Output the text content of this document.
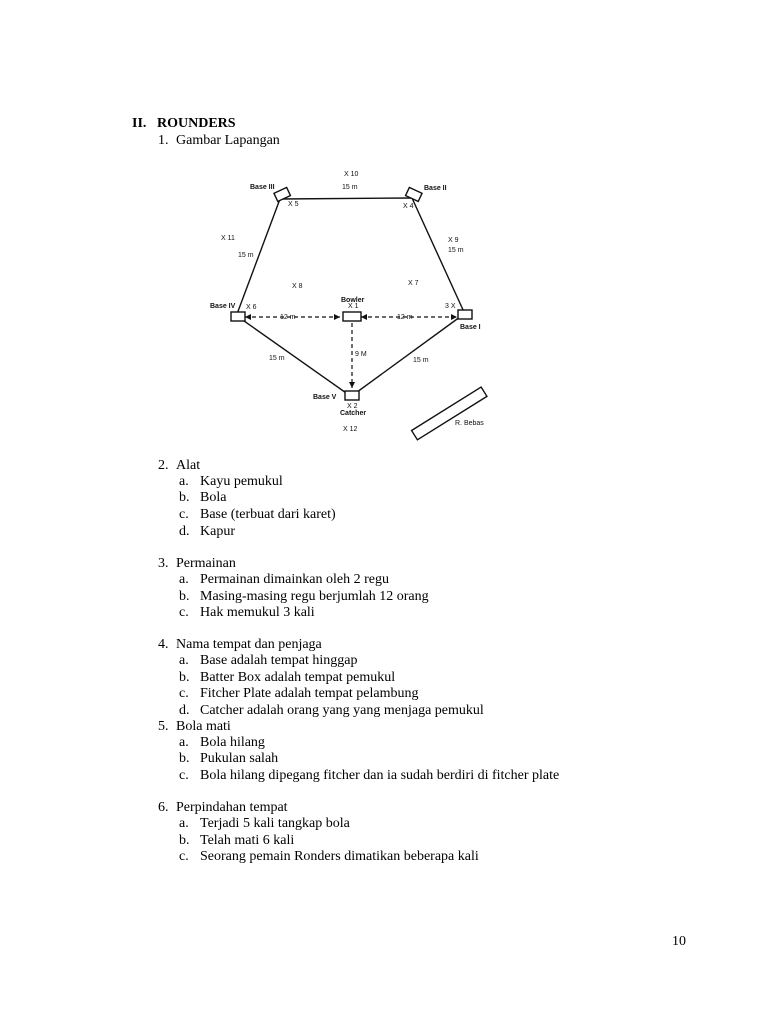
II. ROUNDERS
1. Gambar Lapangan
Base III	Base II
Base IV
Base I
Base V
Bowler
Catcher
R. Bebas
15 m
15 m
15 m
12 m	12 m
9 M
15 m	15 m
X 1
X 2
3 X
X 4
X 5
X 6
X 7
X 8
X 9
X 10
X 11
X 12
2. Alat
a. Kayu pemukul
b. Bola
c. Base (terbuat dari karet)
d. Kapur
3. Permainan
a. Permainan dimainkan oleh 2 regu
b. Masing-masing regu berjumlah 12 orang
c. Hak memukul 3 kali
4. Nama tempat dan penjaga
a. Base adalah tempat hinggap
b. Batter Box adalah tempat pemukul
c. Fitcher Plate adalah tempat pelambung
d. Catcher adalah orang yang yang menjaga pemukul
5. Bola mati
a. Bola hilang
b. Pukulan salah
c. Bola hilang dipegang fitcher dan ia sudah berdiri di fitcher plate
6. Perpindahan tempat
a. Terjadi 5 kali tangkap bola
b. Telah mati 6 kali
c. Seorang pemain Ronders dimatikan beberapa kali
10
